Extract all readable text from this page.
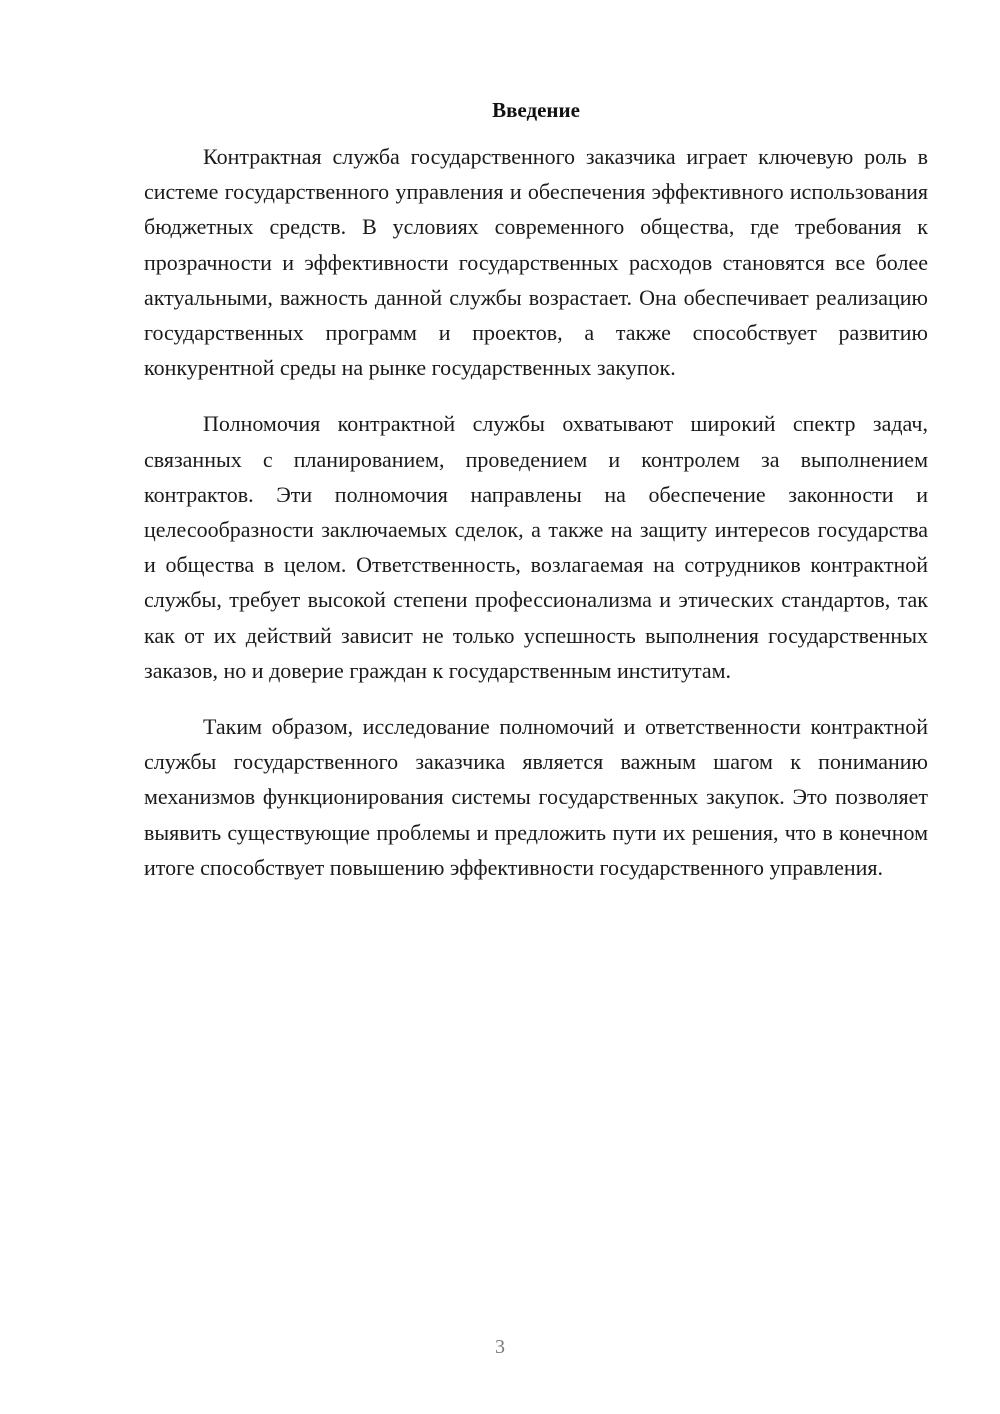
Введение

Контрактная служба государственного заказчика играет ключевую роль в системе государственного управления и обеспечения эффективного использования бюджетных средств. В условиях современного общества, где требования к прозрачности и эффективности государственных расходов становятся все более актуальными, важность данной службы возрастает. Она обеспечивает реализацию государственных программ и проектов, а также способствует развитию конкурентной среды на рынке государственных закупок.

Полномочия контрактной службы охватывают широкий спектр задач, связанных с планированием, проведением и контролем за выполнением контрактов. Эти полномочия направлены на обеспечение законности и целесообразности заключаемых сделок, а также на защиту интересов государства и общества в целом. Ответственность, возлагаемая на сотрудников контрактной службы, требует высокой степени профессионализма и этических стандартов, так как от их действий зависит не только успешность выполнения государственных заказов, но и доверие граждан к государственным институтам.

Таким образом, исследование полномочий и ответственности контрактной службы государственного заказчика является важным шагом к пониманию механизмов функционирования системы государственных закупок. Это позволяет выявить существующие проблемы и предложить пути их решения, что в конечном итоге способствует повышению эффективности государственного управления.

3
